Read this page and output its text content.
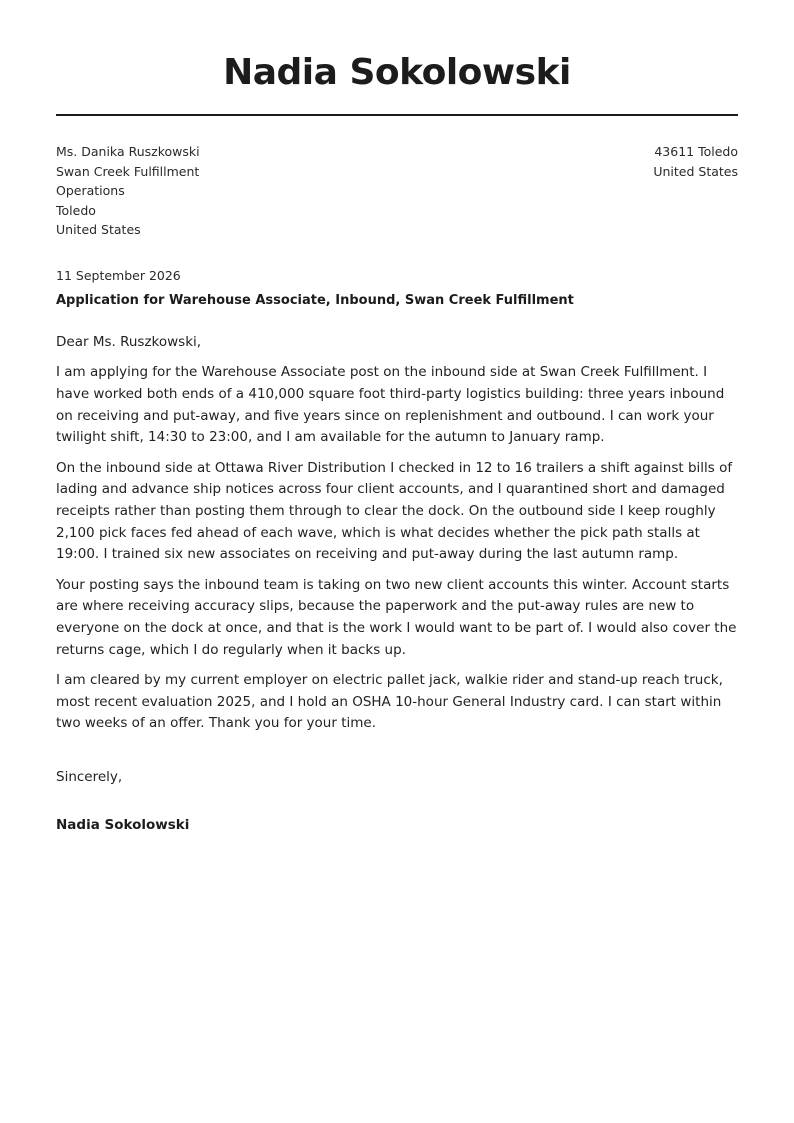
Nadia Sokolowski
Ms. Danika Ruszkowski
Swan Creek Fulfillment
Operations
Toledo
United States
43611 Toledo
United States
11 September 2026
Application for Warehouse Associate, Inbound, Swan Creek Fulfillment
Dear Ms. Ruszkowski,

I am applying for the Warehouse Associate post on the inbound side at Swan Creek Fulfillment. I have worked both ends of a 410,000 square foot third-party logistics building: three years inbound on receiving and put-away, and five years since on replenishment and outbound. I can work your twilight shift, 14:30 to 23:00, and I am available for the autumn to January ramp.

On the inbound side at Ottawa River Distribution I checked in 12 to 16 trailers a shift against bills of lading and advance ship notices across four client accounts, and I quarantined short and damaged receipts rather than posting them through to clear the dock. On the outbound side I keep roughly 2,100 pick faces fed ahead of each wave, which is what decides whether the pick path stalls at 19:00. I trained six new associates on receiving and put-away during the last autumn ramp.

Your posting says the inbound team is taking on two new client accounts this winter. Account starts are where receiving accuracy slips, because the paperwork and the put-away rules are new to everyone on the dock at once, and that is the work I would want to be part of. I would also cover the returns cage, which I do regularly when it backs up.

I am cleared by my current employer on electric pallet jack, walkie rider and stand-up reach truck, most recent evaluation 2025, and I hold an OSHA 10-hour General Industry card. I can start within two weeks of an offer. Thank you for your time.

Sincerely,
Nadia Sokolowski
